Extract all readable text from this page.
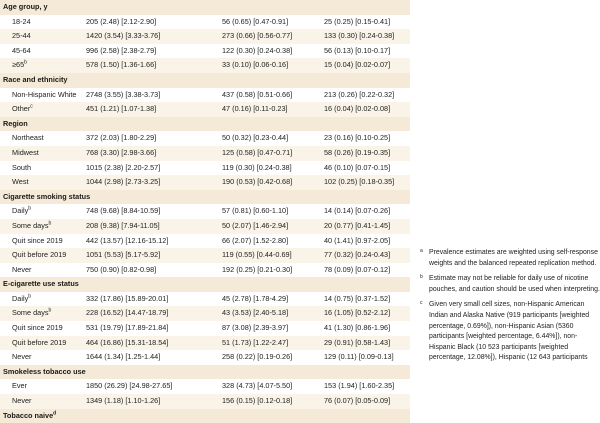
Age group, y
18-24	205 (2.48) [2.12-2.90]	56 (0.65) [0.47-0.91]	25 (0.25) [0.15-0.41]
25-44	1420 (3.54) [3.33-3.76]	273 (0.66) [0.56-0.77]	133 (0.30) [0.24-0.38]
45-64	996 (2.58) [2.38-2.79]	122 (0.30) [0.24-0.38]	56 (0.13) [0.10-0.17]
$\ge 65^b$	578 (1.50) [1.36-1.66]	33 (0.10) [0.06-0.16]	15 (0.04) [0.02-0.07]
Race and ethnicity
Non-Hispanic White 2748 (3.55) [3.38-3.73]	437 (0.58) [0.51-0.66]	213 (0.26) [0.22-0.32]
Other$^c$	451 (1.21) [1.07-1.38]	47 (0.16) [0.11-0.23]	16 (0.04) [0.02-0.08]
Region
Northeast	372 (2.03) [1.80-2.29]	50 (0.32) [0.23-0.44]	23 (0.16) [0.10-0.25]
Midwest	768 (3.30) [2.98-3.66]	125 (0.58) [0.47-0.71]	58 (0.26) [0.19-0.35]
South	1015 (2.38) [2.20-2.57]	119 (0.30) [0.24-0.38]	46 (0.10) [0.07-0.15]
West	1044 (2.98) [2.73-3.25]	190 (0.53) [0.42-0.68]	102 (0.25) [0.18-0.35]
Cigarette smoking status
Daily$^b$	748 (9.68) [8.84-10.59]	57 (0.81) [0.60-1.10]	14 (0.14) [0.07-0.26]
Some days$^b$	208 (9.38) [7.94-11.05]	50 (2.07) [1.46-2.94]	20 (0.77) [0.41-1.45]
Quit since 2019	442 (13.57) [12.16-15.12]	66 (2.07) [1.52-2.80]	40 (1.41) [0.97-2.05]
Quit before 2019	1051 (5.53) [5.17-5.92]	119 (0.55) [0.44-0.69]	77 (0.32) [0.24-0.43]
Never	750 (0.90) [0.82-0.98]	192 (0.25) [0.21-0.30]	78 (0.09) [0.07-0.12]
E-cigarette use status
Daily$^b$	332 (17.86) [15.89-20.01]	45 (2.78) [1.78-4.29]	14 (0.75) [0.37-1.52]
Some days$^b$	228 (16.52) [14.47-18.79]	43 (3.53) [2.40-5.18]	16 (1.05) [0.52-2.12]
Quit since 2019	531 (19.79) [17.89-21.84]	87 (3.08) [2.39-3.97]	41 (1.30) [0.86-1.96]
Quit before 2019	464 (16.86) [15.31-18.54]	51 (1.73) [1.22-2.47]	29 (0.91) [0.58-1.43]
Never	1644 (1.34) [1.25-1.44]	258 (0.22) [0.19-0.26]	129 (0.11) [0.09-0.13]
Smokeless tobacco use
Ever	1850 (26.29) [24.98-27.65]	328 (4.73) [4.07-5.50]	153 (1.94) [1.60-2.35]
Never	1349 (1.18) [1.10-1.26]	156 (0.15) [0.12-0.18]	76 (0.07) [0.05-0.09]
Tobacco naive$^d$
a Prevalence estimates are weighted using self-response weights and the balanced repeated replication method.
b Estimate may not be reliable for daily use of nicotine pouches, and caution should be used when interpreting.
c Given very small cell sizes, non-Hispanic American Indian and Alaska Native (919 participants [weighted percentage, 0.69%]), non-Hispanic Asian (5360 participants [weighted percentage, 6.44%]), non-Hispanic Black (10 523 participants [weighted percentage, 12.08%]), Hispanic (12 643 participants
